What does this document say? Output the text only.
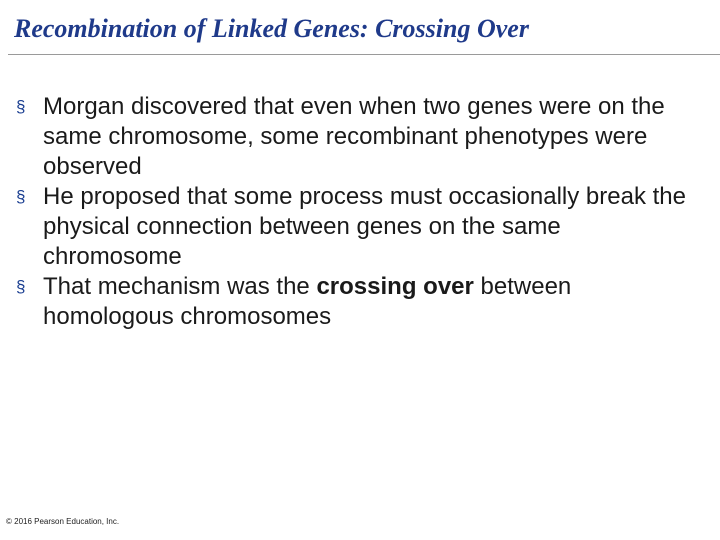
Recombination of Linked Genes: Crossing Over
§ Morgan discovered that even when two genes were on the same chromosome, some recombinant phenotypes were observed
§ He proposed that some process must occasionally break the physical connection between genes on the same chromosome
§ That mechanism was the crossing over between homologous chromosomes
© 2016 Pearson Education, Inc.
